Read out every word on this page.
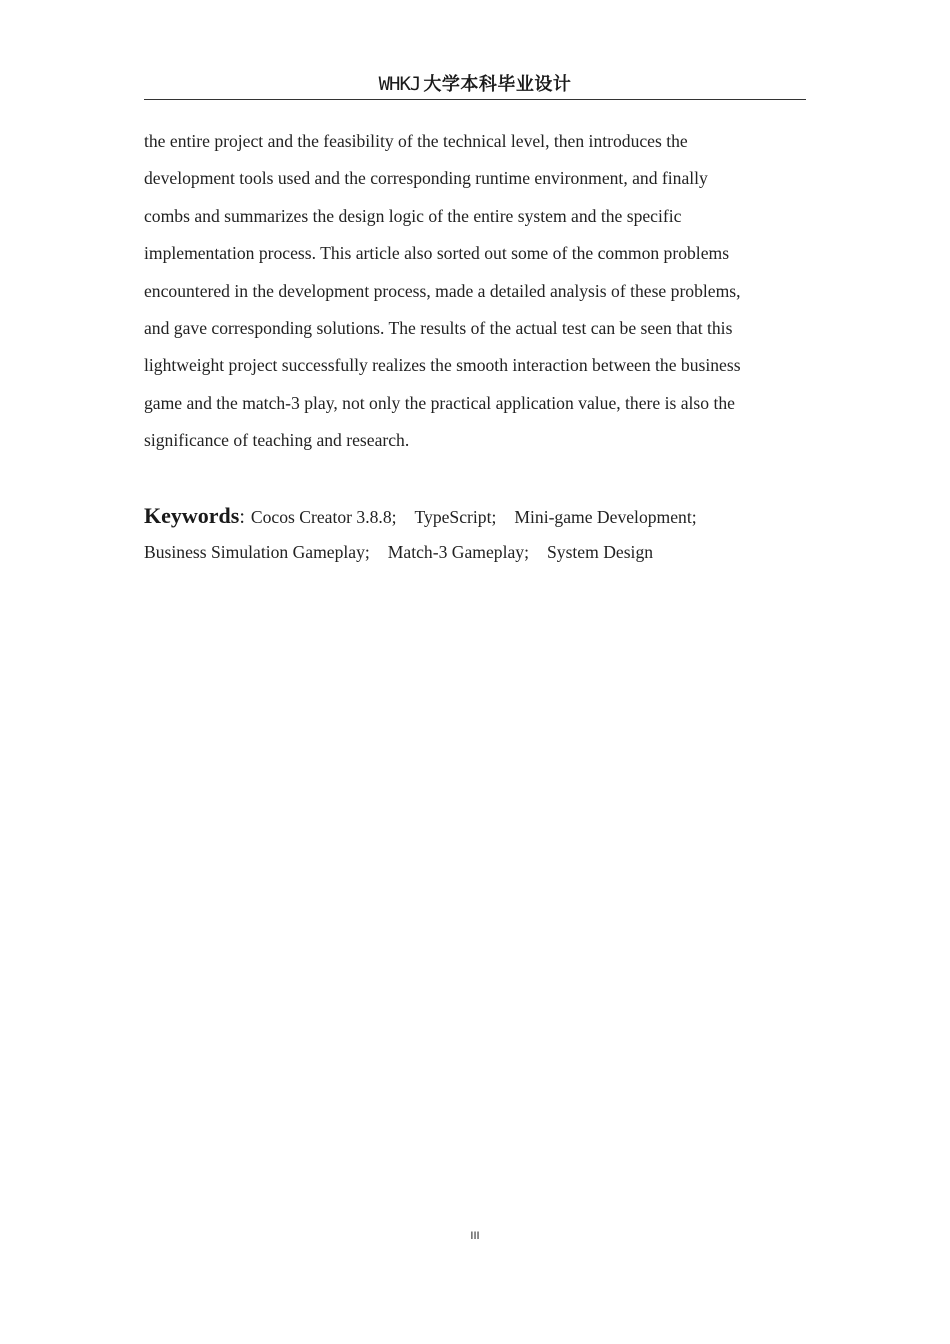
WHKJ 大学本科毕业设计
the entire project and the feasibility of the technical level, then introduces the
development tools used and the corresponding runtime environment, and finally
combs and summarizes the design logic of the entire system and the specific
implementation process. This article also sorted out some of the common problems
encountered in the development process, made a detailed analysis of these problems,
and gave corresponding solutions. The results of the actual test can be seen that this
lightweight project successfully realizes the smooth interaction between the business
game and the match-3 play, not only the practical application value, there is also the
significance of teaching and research.
Keywords: Cocos Creator 3.8.8; TypeScript; Mini-game Development;
Business Simulation Gameplay; Match-3 Gameplay; System Design
III
